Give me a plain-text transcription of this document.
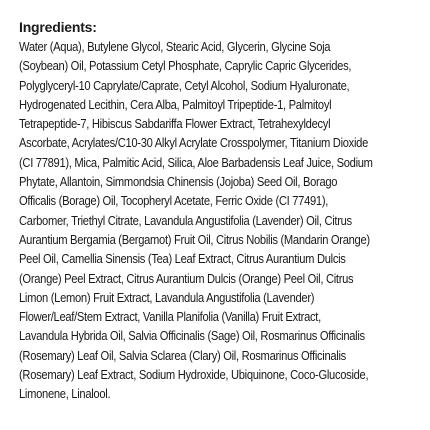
Ingredients:
Water (Aqua), Butylene Glycol, Stearic Acid, Glycerin, Glycine Soja
(Soybean) Oil, Potassium Cetyl Phosphate, Caprylic Capric Glycerides,
Polyglyceryl-10 Caprylate/Caprate, Cetyl Alcohol, Sodium Hyaluronate,
Hydrogenated Lecithin, Cera Alba, Palmitoyl Tripeptide-1, Palmitoyl
Tetrapeptide-7, Hibiscus Sabdariffa Flower Extract, Tetrahexyldecyl
Ascorbate, Acrylates/C10-30 Alkyl Acrylate Crosspolymer, Titanium Dioxide
(CI 77891), Mica, Palmitic Acid, Silica, Aloe Barbadensis Leaf Juice, Sodium
Phytate, Allantoin, Simmondsia Chinensis (Jojoba) Seed Oil, Borago
Officalis (Borage) Oil, Tocopheryl Acetate, Ferric Oxide (CI 77491),
Carbomer, Triethyl Citrate, Lavandula Angustifolia (Lavender) Oil, Citrus
Aurantium Bergamia (Bergamot) Fruit Oil, Citrus Nobilis (Mandarin Orange)
Peel Oil, Camellia Sinensis (Tea) Leaf Extract, Citrus Aurantium Dulcis
(Orange) Peel Extract, Citrus Aurantium Dulcis (Orange) Peel Oil, Citrus
Limon (Lemon) Fruit Extract, Lavandula Angustifolia (Lavender)
Flower/Leaf/Stem Extract, Vanilla Planifolia (Vanilla) Fruit Extract,
Lavandula Hybrida Oil, Salvia Officinalis (Sage) Oil, Rosmarinus Officinalis
(Rosemary) Leaf Oil, Salvia Sclarea (Clary) Oil, Rosmarinus Officinalis
(Rosemary) Leaf Extract, Sodium Hydroxide, Ubiquinone, Coco-Glucoside,
Limonene, Linalool.
